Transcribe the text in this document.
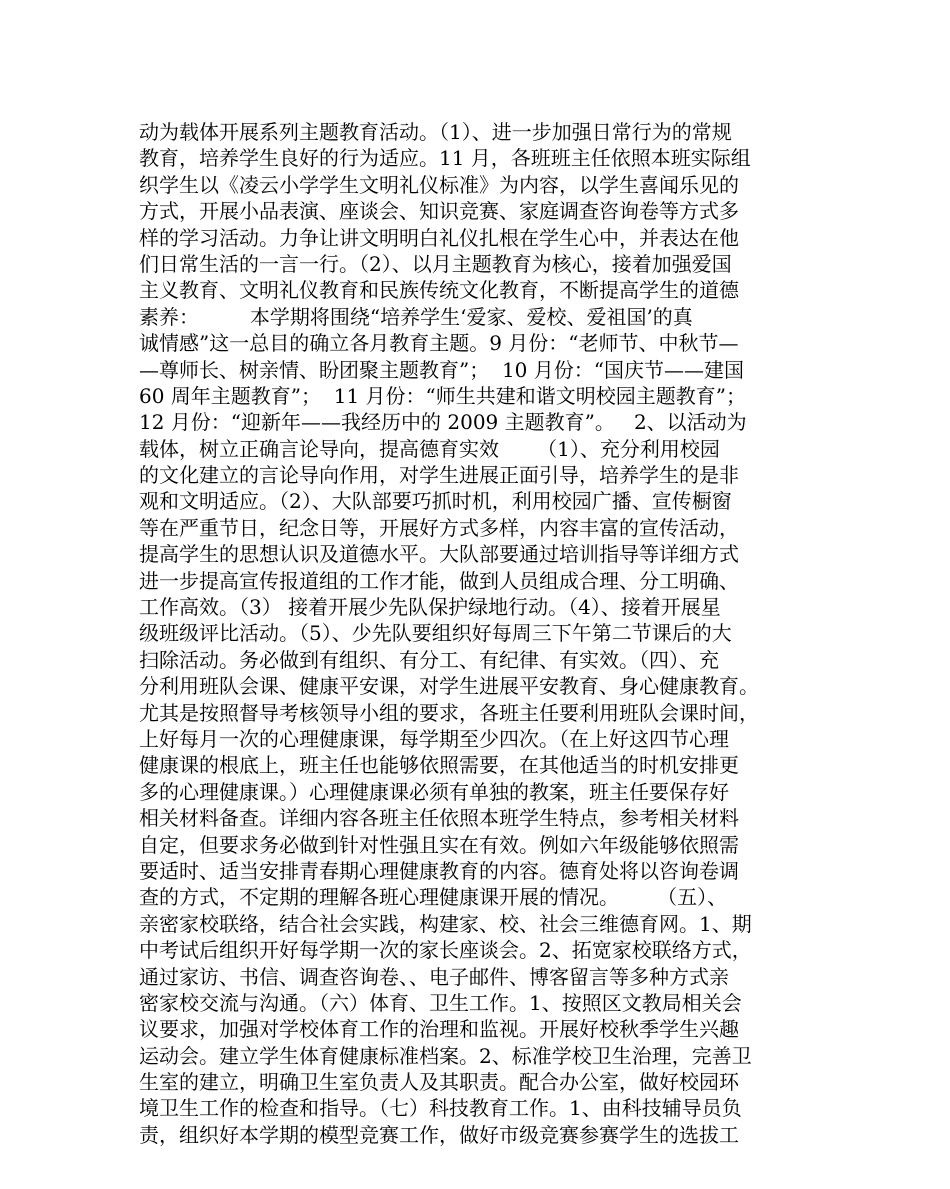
动为载体开展系列主题教育活动。（1）、进一步加强日常行为的常规
教育，培养学生良好的行为适应。11 月，各班班主任依照本班实际组
织学生以《凌云小学学生文明礼仪标准》为内容，以学生喜闻乐见的
方式，开展小品表演、座谈会、知识竞赛、家庭调查咨询卷等方式多
样的学习活动。力争让讲文明明白礼仪扎根在学生心中，并表达在他
们日常生活的一言一行。（2）、以月主题教育为核心，接着加强爱国
主义教育、文明礼仪教育和民族传统文化教育，不断提高学生的道德
素养：        本学期将围绕“培养学生‘爱家、爱校、爱祖国’的真
诚情感”这一总目的确立各月教育主题。9 月份：“老师节、中秋节—
—尊师长、树亲情、盼团聚主题教育”；  10 月份：“国庆节——建国
60 周年主题教育”；  11 月份：“师生共建和谐文明校园主题教育”；
12 月份：“迎新年——我经历中的 2009 主题教育”。   2、以活动为
载体，树立正确言论导向，提高德育实效      （1）、充分利用校园
的文化建立的言论导向作用，对学生进展正面引导，培养学生的是非
观和文明适应。（2）、大队部要巧抓时机，利用校园广播、宣传橱窗
等在严重节日，纪念日等，开展好方式多样，内容丰富的宣传活动，
提高学生的思想认识及道德水平。大队部要通过培训指导等详细方式
进一步提高宣传报道组的工作才能，做到人员组成合理、分工明确、
工作高效。（3） 接着开展少先队保护绿地行动。（4）、接着开展星
级班级评比活动。（5）、少先队要组织好每周三下午第二节课后的大
扫除活动。务必做到有组织、有分工、有纪律、有实效。（四）、充
分利用班队会课、健康平安课，对学生进展平安教育、身心健康教育。
尤其是按照督导考核领导小组的要求，各班主任要利用班队会课时间，
上好每月一次的心理健康课，每学期至少四次。（在上好这四节心理
健康课的根底上，班主任也能够依照需要，在其他适当的时机安排更
多的心理健康课。）心理健康课必须有单独的教案，班主任要保存好
相关材料备查。详细内容各班主任依照本班学生特点，参考相关材料
自定，但要求务必做到针对性强且实在有效。例如六年级能够依照需
要适时、适当安排青春期心理健康教育的内容。德育处将以咨询卷调
查的方式，不定期的理解各班心理健康课开展的情况。      （五）、
亲密家校联络，结合社会实践，构建家、校、社会三维德育网。1、期
中考试后组织开好每学期一次的家长座谈会。2、拓宽家校联络方式，
通过家访、书信、调查咨询卷、、电子邮件、博客留言等多种方式亲
密家校交流与沟通。（六）体育、卫生工作。1、按照区文教局相关会
议要求，加强对学校体育工作的治理和监视。开展好校秋季学生兴趣
运动会。建立学生体育健康标准档案。2、标准学校卫生治理，完善卫
生室的建立，明确卫生室负责人及其职责。配合办公室，做好校园环
境卫生工作的检查和指导。（七）科技教育工作。1、由科技辅导员负
责，组织好本学期的模型竞赛工作，做好市级竞赛参赛学生的选拔工
